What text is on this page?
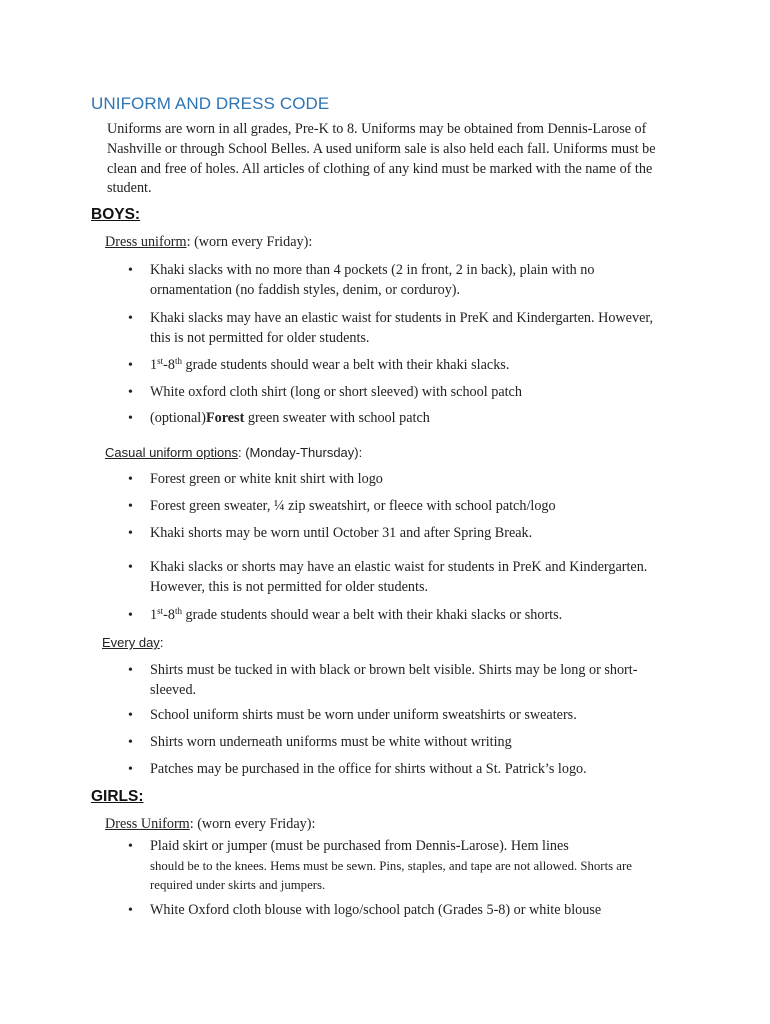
UNIFORM AND DRESS CODE
Uniforms are worn in all grades, Pre-K to 8. Uniforms may be obtained from Dennis-Larose of Nashville or through School Belles. A used uniform sale is also held each fall. Uniforms must be clean and free of holes. All articles of clothing of any kind must be marked with the name of the student.
BOYS:
Dress uniform: (worn every Friday):
• Khaki slacks with no more than 4 pockets (2 in front, 2 in back), plain with no ornamentation (no faddish styles, denim, or corduroy).
• Khaki slacks may have an elastic waist for students in PreK and Kindergarten. However, this is not permitted for older students.
• 1st-8th grade students should wear a belt with their khaki slacks.
• White oxford cloth shirt (long or short sleeved) with school patch
• (optional)Forest green sweater with school patch
Casual uniform options: (Monday-Thursday):
• Forest green or white knit shirt with logo
• Forest green sweater, ¼ zip sweatshirt, or fleece with school patch/logo
• Khaki shorts may be worn until October 31 and after Spring Break.
• Khaki slacks or shorts may have an elastic waist for students in PreK and Kindergarten. However, this is not permitted for older students.
• 1st-8th grade students should wear a belt with their khaki slacks or shorts.
Every day:
• Shirts must be tucked in with black or brown belt visible. Shirts may be long or short-sleeved.
• School uniform shirts must be worn under uniform sweatshirts or sweaters.
• Shirts worn underneath uniforms must be white without writing
• Patches may be purchased in the office for shirts without a St. Patrick’s logo.
GIRLS:
Dress Uniform: (worn every Friday):
• Plaid skirt or jumper (must be purchased from Dennis-Larose). Hem lines
should be to the knees. Hems must be sewn. Pins, staples, and tape are not allowed. Shorts are required under skirts and jumpers.
• White Oxford cloth blouse with logo/school patch (Grades 5-8) or white blouse
